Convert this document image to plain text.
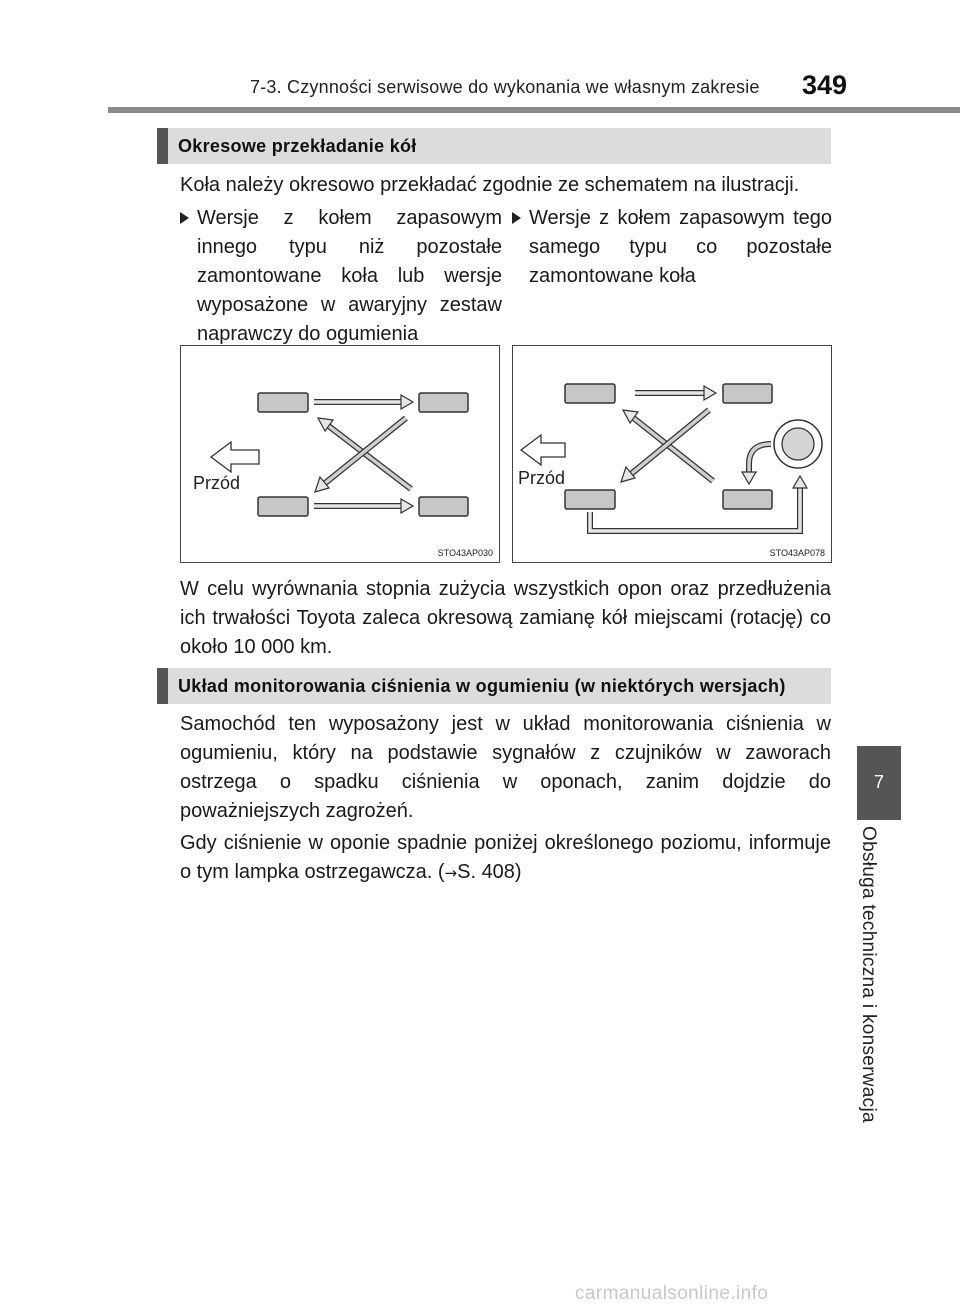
7-3. Czynności serwisowe do wykonania we własnym zakresie 349
Okresowe przekładanie kół
Koła należy okresowo przekładać zgodnie ze schematem na ilustracji.
Wersje z kołem zapasowym innego typu niż pozostałe zamontowane koła lub wersje wyposażone w awaryjny zestaw naprawczy do ogumienia
Wersje z kołem zapasowym tego samego typu co pozostałe zamontowane koła
Przód
STO43AP030
Przód
STO43AP078
W celu wyrównania stopnia zużycia wszystkich opon oraz przedłużenia ich trwałości Toyota zaleca okresową zamianę kół miejscami (rotację) co około 10 000 km.
Układ monitorowania ciśnienia w ogumieniu (w niektórych wersjach)
Samochód ten wyposażony jest w układ monitorowania ciśnienia w ogumieniu, który na podstawie sygnałów z czujników w zaworach ostrzega o spadku ciśnienia w oponach, zanim dojdzie do poważniejszych zagrożeń.
Gdy ciśnienie w oponie spadnie poniżej określonego poziomu, informuje o tym lampka ostrzegawcza. (→S. 408)
7
Obsługa techniczna i konserwacja
carmanualsonline.info
